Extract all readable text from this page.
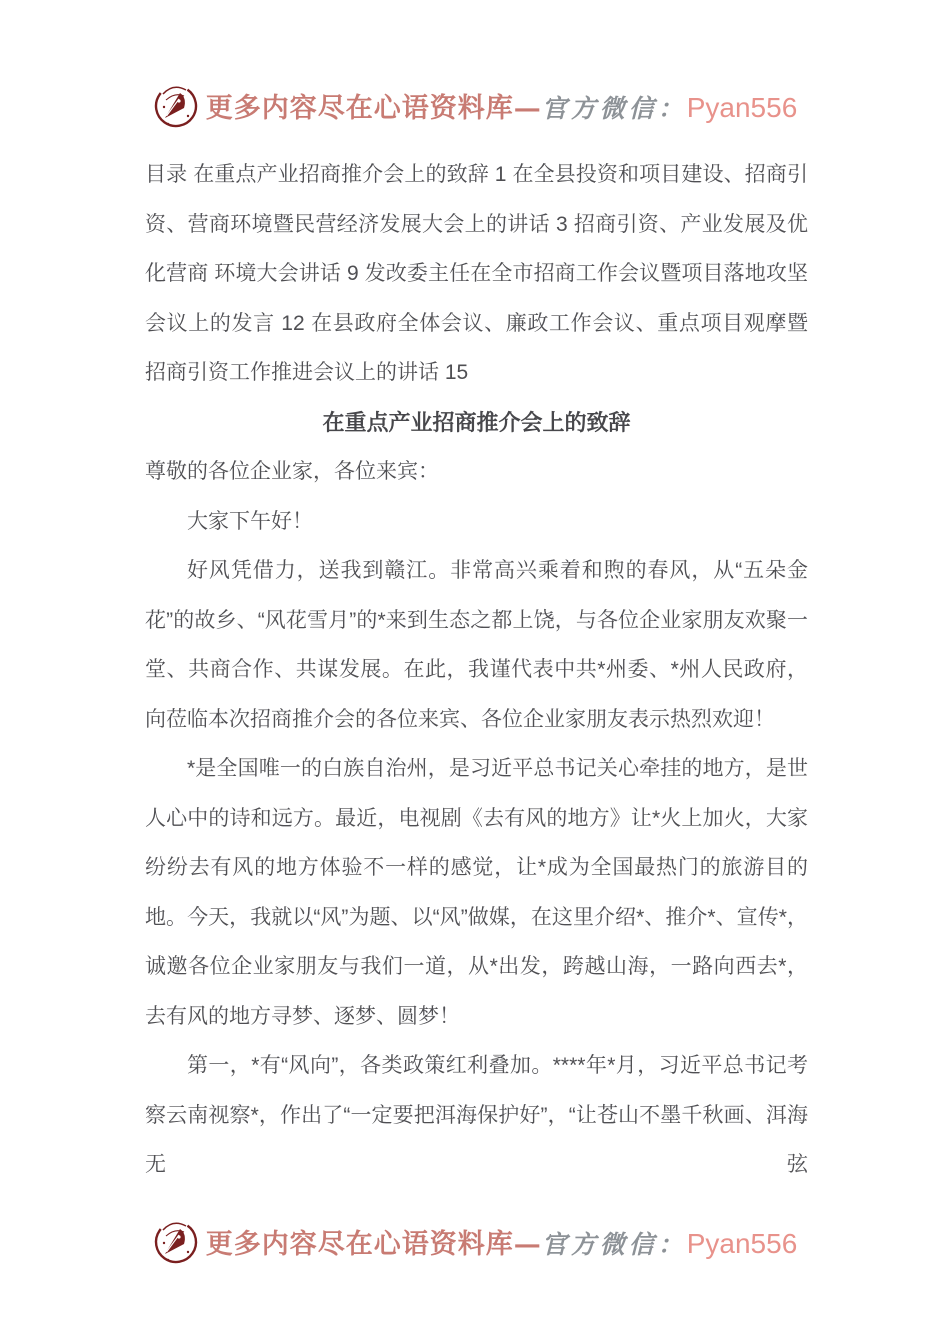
更多内容尽在心语资料库—官方微信：Pyan556

目录 在重点产业招商推介会上的致辞 1 在全县投资和项目建设、招商引资、营商环境暨民营经济发展大会上的讲话 3 招商引资、产业发展及优化营商 环境大会讲话 9 发改委主任在全市招商工作会议暨项目落地攻坚会议上的发言 12 在县政府全体会议、廉政工作会议、重点项目观摩暨招商引资工作推进会议上的讲话 15

在重点产业招商推介会上的致辞

尊敬的各位企业家，各位来宾：

大家下午好！

好风凭借力，送我到赣江。非常高兴乘着和煦的春风，从“五朵金花”的故乡、“风花雪月”的*来到生态之都上饶，与各位企业家朋友欢聚一堂、共商合作、共谋发展。在此，我谨代表中共*州委、*州人民政府，向莅临本次招商推介会的各位来宾、各位企业家朋友表示热烈欢迎！

*是全国唯一的白族自治州，是习近平总书记关心牵挂的地方，是世人心中的诗和远方。最近，电视剧《去有风的地方》让*火上加火，大家纷纷去有风的地方体验不一样的感觉，让*成为全国最热门的旅游目的地。今天，我就以“风”为题、以“风”做媒，在这里介绍*、推介*、宣传*，诚邀各位企业家朋友与我们一道，从*出发，跨越山海，一路向西去*，去有风的地方寻梦、逐梦、圆梦！

第一，*有“风向”，各类政策红利叠加。****年*月，习近平总书记考察云南视察*，作出了“一定要把洱海保护好”，“让苍山不墨千秋画、洱海无弦

更多内容尽在心语资料库—官方微信：Pyan556
